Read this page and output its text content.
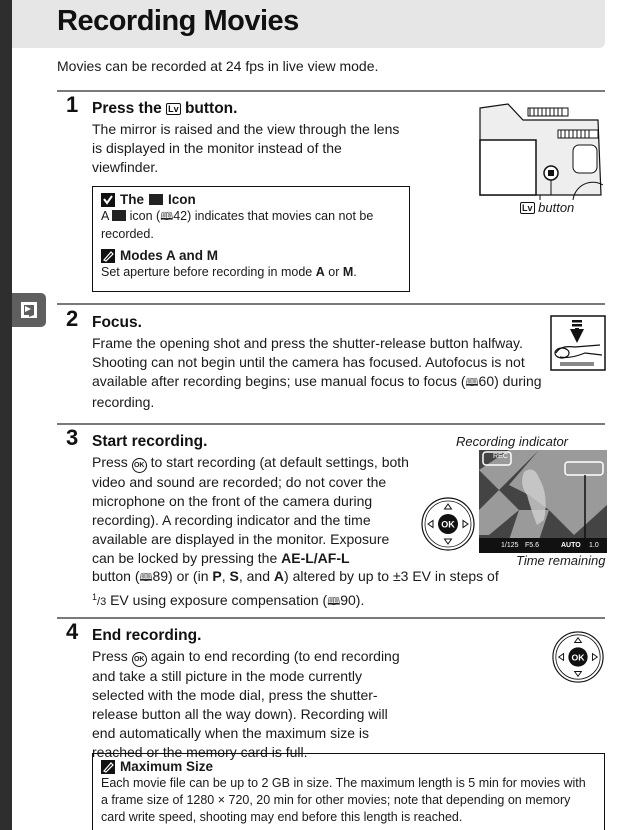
Recording Movies
Movies can be recorded at 24 fps in live view mode.
1 Press the Lv button.
The mirror is raised and the view through the lens is displayed in the monitor instead of the viewfinder.
The Icon
A icon (🕮42) indicates that movies can not be recorded.
Modes A and M
Set aperture before recording in mode A or M.
Lv button
2 Focus.
Frame the opening shot and press the shutter-release button halfway. Shooting can not begin until the camera has focused. Autofocus is not available after recording begins; use manual focus to focus (🕮60) during recording.
3 Start recording.
Press OK to start recording (at default settings, both video and sound are recorded; do not cover the microphone on the front of the camera during recording). A recording indicator and the time available are displayed in the monitor. Exposure can be locked by pressing the AE-L/AF-L
button (🕮89) or (in P, S, and A) altered by up to ±3 EV in steps of $^1$/3 EV using exposure compensation (🕮90).
Recording indicator
OK
REC
1/125 F5.6	AUTO 1.0
Time remaining
4 End recording.
Press OK again to end recording (to end recording and take a still picture in the mode currently selected with the mode dial, press the shutter-release button all the way down). Recording will end automatically when the maximum size is reached or the memory card is full.
OK
Maximum Size
Each movie file can be up to 2 GB in size. The maximum length is 5 min for movies with a frame size of 1280 × 720, 20 min for other movies; note that depending on memory card write speed, shooting may end before this length is reached.
